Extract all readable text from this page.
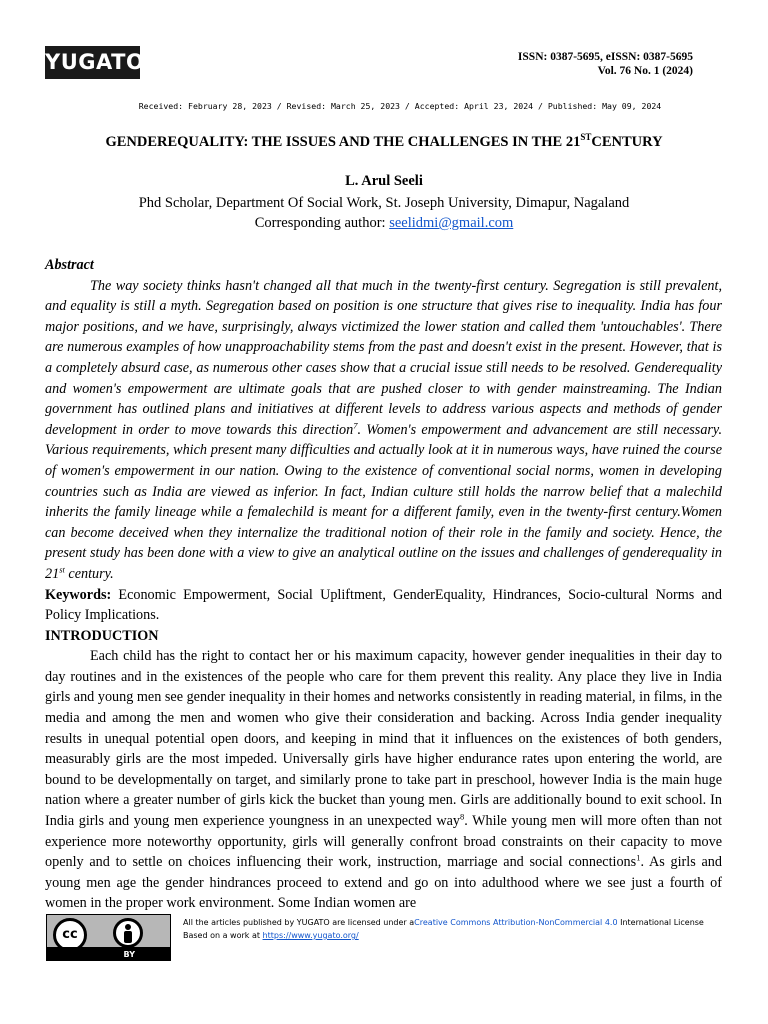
YUGATO	ISSN: 0387-5695, eISSN: 0387-5695
Vol. 76 No. 1 (2024)
Received: February 28, 2023 / Revised: March 25, 2023 / Accepted: April 23, 2024 / Published: May 09, 2024
GENDEREQUALITY: THE ISSUES AND THE CHALLENGES IN THE 21STCENTURY
L. Arul Seeli
Phd Scholar, Department Of Social Work, St. Joseph University, Dimapur, Nagaland
Corresponding author: seelidmi@gmail.com

Abstract

The way society thinks hasn't changed all that much in the twenty-first century. Segregation is still prevalent, and equality is still a myth. Segregation based on position is one structure that gives rise to inequality. India has four major positions, and we have, surprisingly, always victimized the lower station and called them 'untouchables'. There are numerous examples of how unapproachability stems from the past and doesn't exist in the present. However, that is a completely absurd case, as numerous other cases show that a crucial issue still needs to be resolved. Genderequality and women's empowerment are ultimate goals that are pushed closer to with gender mainstreaming. The Indian government has outlined plans and initiatives at different levels to address various aspects and methods of gender development in order to move towards this direction$^7$. Women's empowerment and advancement are still necessary. Various requirements, which present many difficulties and actually look at it in numerous ways, have ruined the course of women's empowerment in our nation. Owing to the existence of conventional social norms, women in developing countries such as India are viewed as inferior. In fact, Indian culture still holds the narrow belief that a malechild inherits the family lineage while a femalechild is meant for a different family, even in the twenty-first century.Women can become deceived when they internalize the traditional notion of their role in the family and society. Hence, the present study has been done with a view to give an analytical outline on the issues and challenges of genderequality in 21st century.

Keywords: Economic Empowerment, Social Upliftment, GenderEquality, Hindrances, Socio-cultural Norms and Policy Implications.

INTRODUCTION

Each child has the right to contact her or his maximum capacity, however gender inequalities in their day to day routines and in the existences of the people who care for them prevent this reality. Any place they live in India girls and young men see gender inequality in their homes and networks consistently in reading material, in films, in the media and among the men and women who give their consideration and backing. Across India gender inequality results in unequal potential open doors, and keeping in mind that it influences on the existences of both genders, measurably girls are the most impeded. Universally girls have higher endurance rates upon entering the world, are bound to be developmentally on target, and similarly prone to take part in preschool, however India is the main huge nation where a greater number of girls kick the bucket than young men. Girls are additionally bound to exit school. In India girls and young men experience youngness in an unexpected way$^8$. While young men will more often than not experience more noteworthy opportunity, girls will generally confront broad constraints on their capacity to move openly and to settle on choices influencing their work, instruction, marriage and social connections$^1$. As girls and young men age the gender hindrances proceed to extend and go on into adulthood where we see just a fourth of women in the proper work environment. Some Indian women are

cc
BY
All the articles published by YUGATO are licensed under aCreative Commons Attribution-NonCommercial 4.0 International License
Based on a work at https://www.yugato.org/
